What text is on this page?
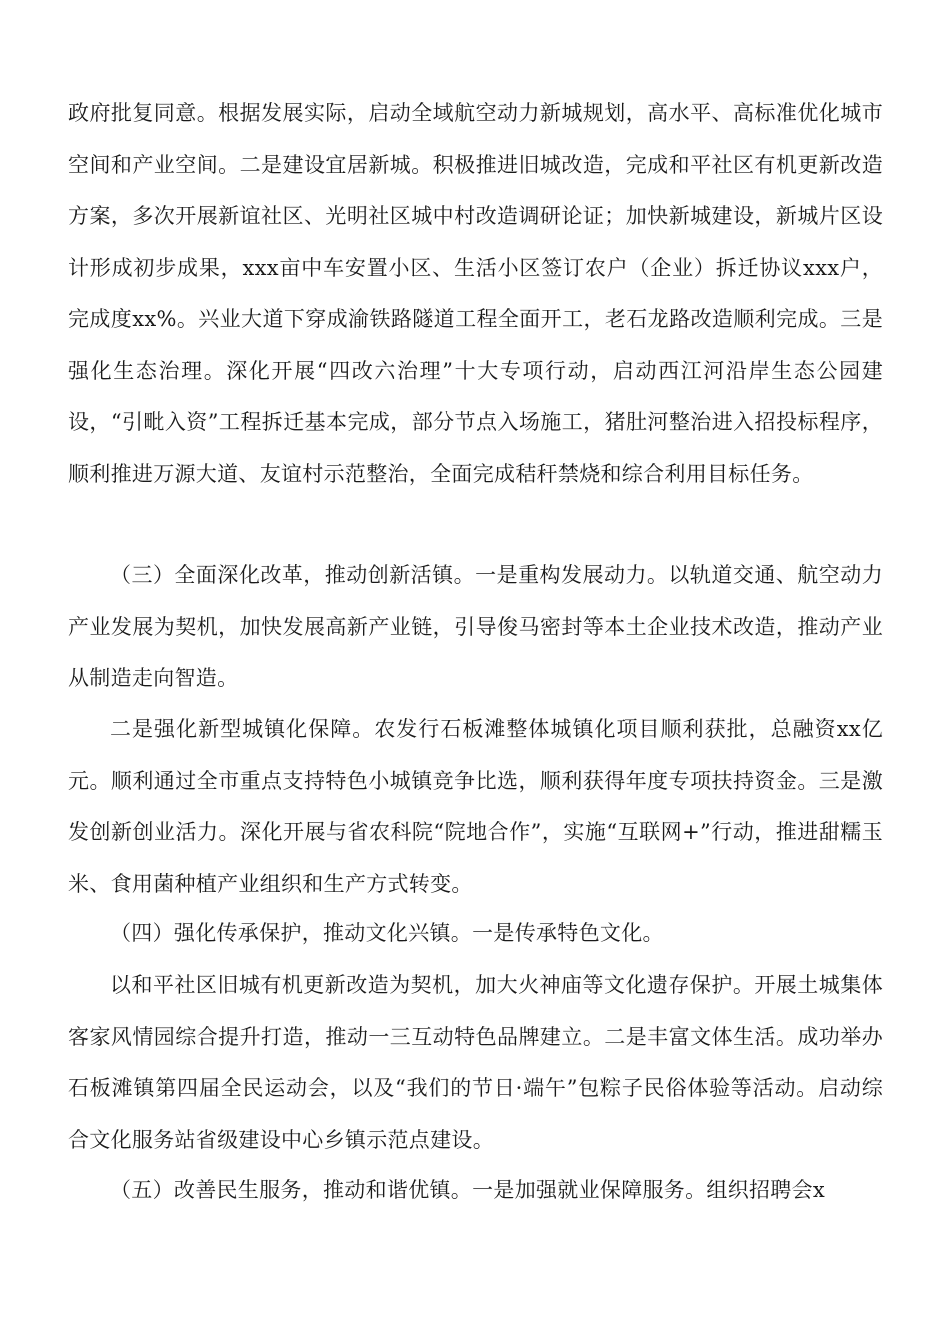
政府批复同意。根据发展实际，启动全域航空动力新城规划，高水平、高标准优化城市空间和产业空间。二是建设宜居新城。积极推进旧城改造，完成和平社区有机更新改造方案，多次开展新谊社区、光明社区城中村改造调研论证；加快新城建设，新城片区设计形成初步成果，xxx亩中车安置小区、生活小区签订农户（企业）拆迁协议xxx户，完成度xx%。兴业大道下穿成渝铁路隧道工程全面开工，老石龙路改造顺利完成。三是强化生态治理。深化开展“四改六治理”十大专项行动，启动西江河沿岸生态公园建设，“引毗入资”工程拆迁基本完成，部分节点入场施工，猪肚河整治进入招投标程序，顺利推进万源大道、友谊村示范整治，全面完成秸秆禁烧和综合利用目标任务。

（三）全面深化改革，推动创新活镇。一是重构发展动力。以轨道交通、航空动力产业发展为契机，加快发展高新产业链，引导俊马密封等本土企业技术改造，推动产业从制造走向智造。

二是强化新型城镇化保障。农发行石板滩整体城镇化项目顺利获批，总融资xx亿元。顺利通过全市重点支持特色小城镇竞争比选，顺利获得年度专项扶持资金。三是激发创新创业活力。深化开展与省农科院“院地合作”，实施“互联网+”行动，推进甜糯玉米、食用菌种植产业组织和生产方式转变。

（四）强化传承保护，推动文化兴镇。一是传承特色文化。

以和平社区旧城有机更新改造为契机，加大火神庙等文化遗存保护。开展土城集体客家风情园综合提升打造，推动一三互动特色品牌建立。二是丰富文体生活。成功举办石板滩镇第四届全民运动会，以及“我们的节日·端午”包粽子民俗体验等活动。启动综合文化服务站省级建设中心乡镇示范点建设。

（五）改善民生服务，推动和谐优镇。一是加强就业保障服务。组织招聘会x
